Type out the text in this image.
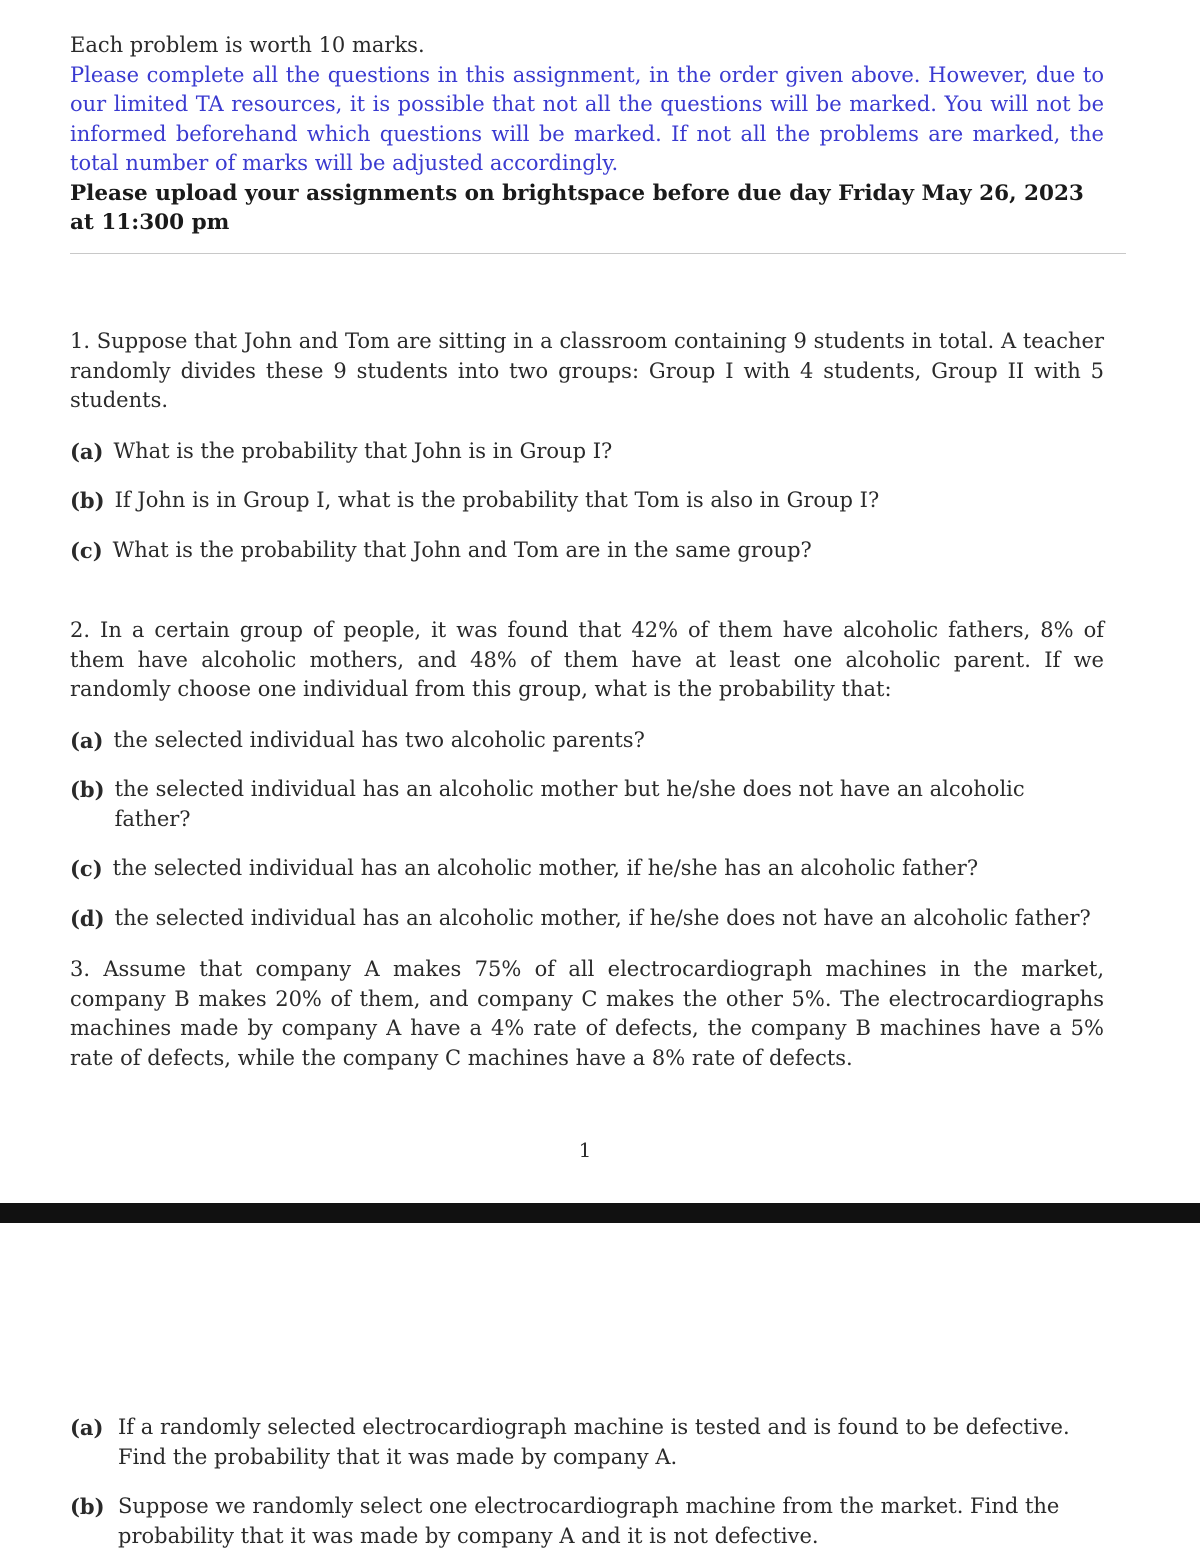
Each problem is worth 10 marks.

Please complete all the questions in this assignment, in the order given above. However, due to our limited TA resources, it is possible that not all the questions will be marked. You will not be informed beforehand which questions will be marked. If not all the problems are marked, the total number of marks will be adjusted accordingly.

Please upload your assignments on brightspace before due day Friday May 26, 2023 at 11:300 pm

1. Suppose that John and Tom are sitting in a classroom containing 9 students in total. A teacher randomly divides these 9 students into two groups: Group I with 4 students, Group II with 5 students.

(a) What is the probability that John is in Group I?
(b) If John is in Group I, what is the probability that Tom is also in Group I?
(c) What is the probability that John and Tom are in the same group?

2. In a certain group of people, it was found that 42% of them have alcoholic fathers, 8% of them have alcoholic mothers, and 48% of them have at least one alcoholic parent. If we randomly choose one individual from this group, what is the probability that:

(a) the selected individual has two alcoholic parents?
(b) the selected individual has an alcoholic mother but he/she does not have an alcoholic father?
(c) the selected individual has an alcoholic mother, if he/she has an alcoholic father?
(d) the selected individual has an alcoholic mother, if he/she does not have an alcoholic father?

3. Assume that company A makes 75% of all electrocardiograph machines in the market, company B makes 20% of them, and company C makes the other 5%. The electrocardiographs machines made by company A have a 4% rate of defects, the company B machines have a 5% rate of defects, while the company C machines have a 8% rate of defects.

1
(a) If a randomly selected electrocardiograph machine is tested and is found to be defective. Find the probability that it was made by company A.
(b) Suppose we randomly select one electrocardiograph machine from the market. Find the probability that it was made by company A and it is not defective.
